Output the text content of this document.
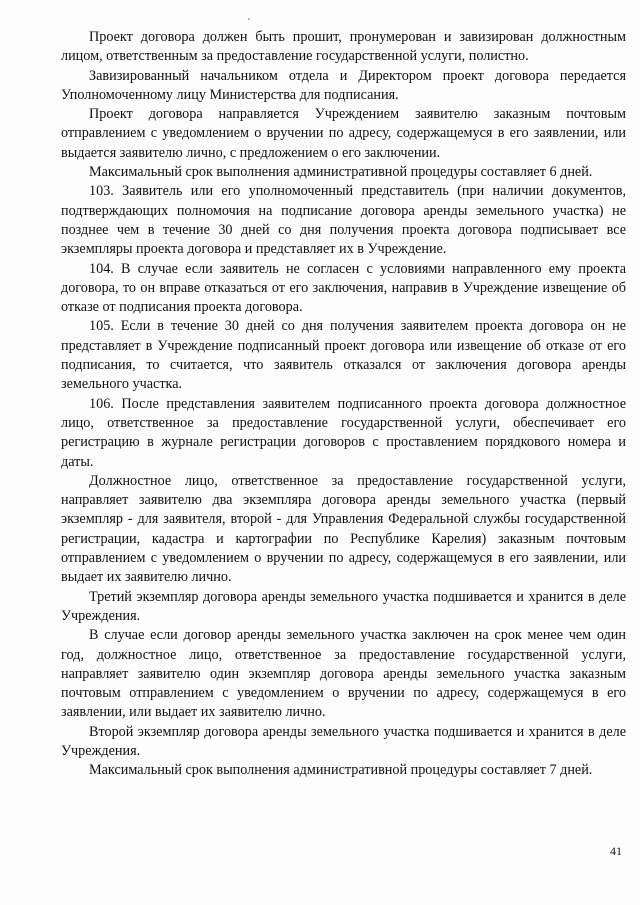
Проект договора должен быть прошит, пронумерован и завизирован должностным лицом, ответственным за предоставление государственной услуги, полистно.

Завизированный начальником отдела и Директором проект договора передается Уполномоченному лицу Министерства для подписания.

Проект договора направляется Учреждением заявителю заказным почтовым отправлением с уведомлением о вручении по адресу, содержащемуся в его заявлении, или выдается заявителю лично, с предложением о его заключении.

Максимальный срок выполнения административной процедуры составляет 6 дней.

103. Заявитель или его уполномоченный представитель (при наличии документов, подтверждающих полномочия на подписание договора аренды земельного участка) не позднее чем в течение 30 дней со дня получения проекта договора подписывает все экземпляры проекта договора и представляет их в Учреждение.

104. В случае если заявитель не согласен с условиями направленного ему проекта договора, то он вправе отказаться от его заключения, направив в Учреждение извещение об отказе от подписания проекта договора.

105. Если в течение 30 дней со дня получения заявителем проекта договора он не представляет в Учреждение подписанный проект договора или извещение об отказе от его подписания, то считается, что заявитель отказался от заключения договора аренды земельного участка.

106. После представления заявителем подписанного проекта договора должностное лицо, ответственное за предоставление государственной услуги, обеспечивает его регистрацию в журнале регистрации договоров с проставлением порядкового номера и даты.

Должностное лицо, ответственное за предоставление государственной услуги, направляет заявителю два экземпляра договора аренды земельного участка (первый экземпляр - для заявителя, второй - для Управления Федеральной службы государственной регистрации, кадастра и картографии по Республике Карелия) заказным почтовым отправлением с уведомлением о вручении по адресу, содержащемуся в его заявлении, или выдает их заявителю лично.

Третий экземпляр договора аренды земельного участка подшивается и хранится в деле Учреждения.

В случае если договор аренды земельного участка заключен на срок менее чем один год, должностное лицо, ответственное за предоставление государственной услуги, направляет заявителю один экземпляр договора аренды земельного участка заказным почтовым отправлением с уведомлением о вручении по адресу, содержащемуся в его заявлении, или выдает их заявителю лично.

Второй экземпляр договора аренды земельного участка подшивается и хранится в деле Учреждения.

Максимальный срок выполнения административной процедуры составляет 7 дней.

41
